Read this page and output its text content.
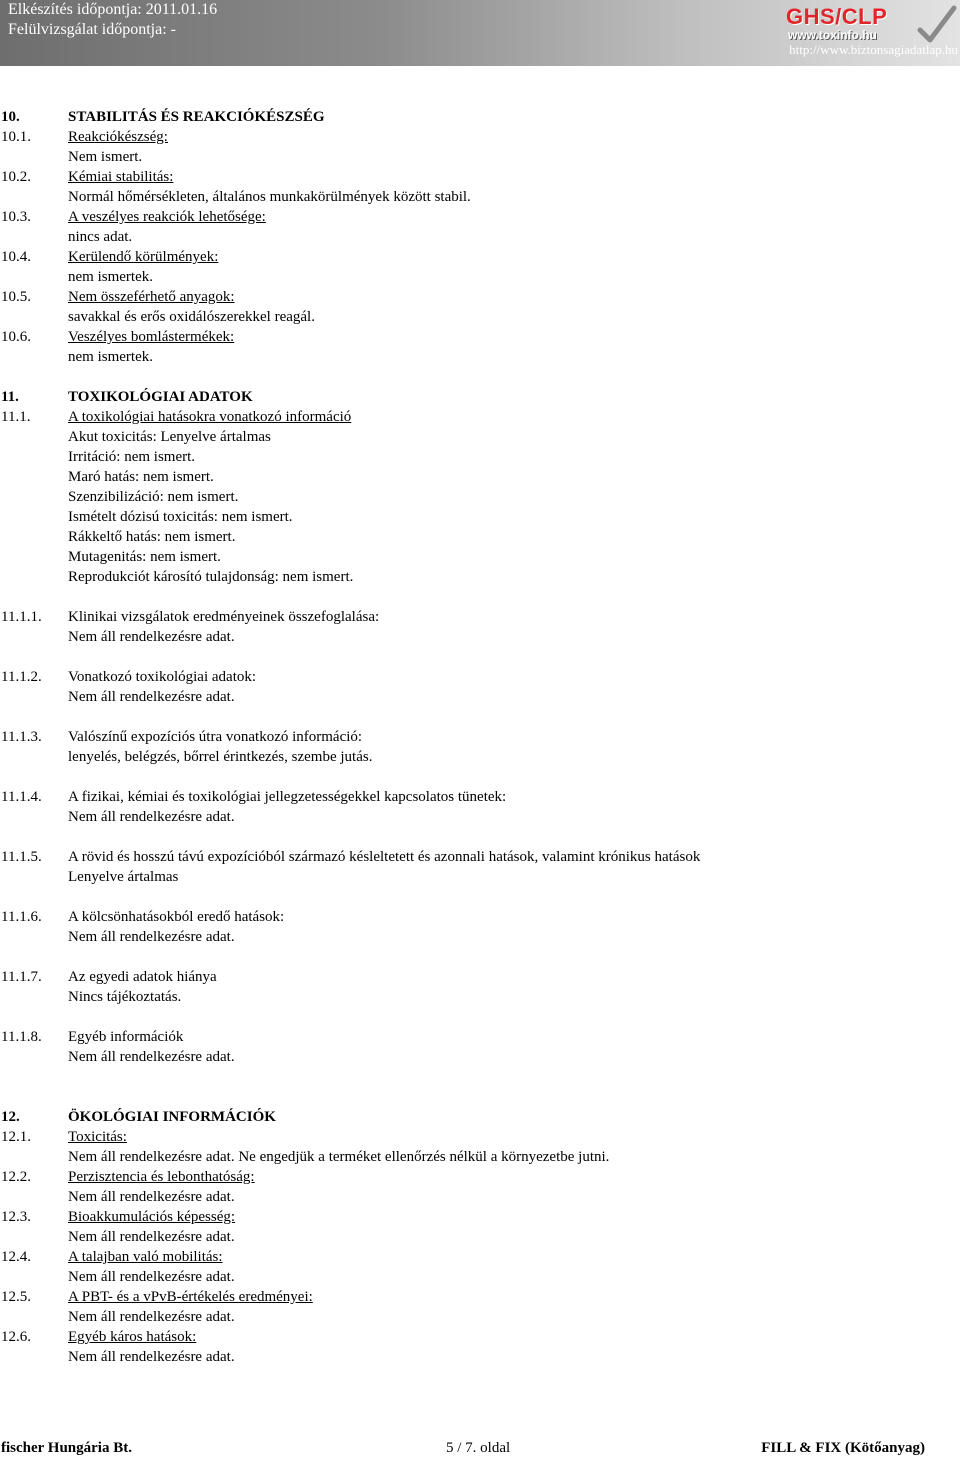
Elkészítés időpontja: 2011.01.16
Felülvizsgálat időpontja: -
GHS/CLP
www.toxinfo.hu
http://www.biztonsagiadatlap.hu
10.	STABILITÁS ÉS REAKCIÓKÉSZSÉG
10.1. Reakciókészség:
Nem ismert.
10.2. Kémiai stabilitás:
Normál hőmérsékleten, általános munkakörülmények között stabil.
10.3. A veszélyes reakciók lehetősége:
nincs adat.
10.4. Kerülendő körülmények:
nem ismertek.
10.5. Nem összeférhető anyagok:
savakkal és erős oxidálószerekkel reagál.
10.6. Veszélyes bomlástermékek:
nem ismertek.
11.	TOXIKOLÓGIAI ADATOK
11.1.	A toxikológiai hatásokra vonatkozó információ
Akut toxicitás: Lenyelve ártalmas
Irritáció: nem ismert.
Maró hatás: nem ismert.
Szenzibilizáció: nem ismert.
Ismételt dózisú toxicitás: nem ismert.
Rákkeltő hatás: nem ismert.
Mutagenitás: nem ismert.
Reprodukciót károsító tulajdonság: nem ismert.
11.1.1. Klinikai vizsgálatok eredményeinek összefoglalása:
Nem áll rendelkezésre adat.
11.1.2. Vonatkozó toxikológiai adatok:
Nem áll rendelkezésre adat.
11.1.3. Valószínű expozíciós útra vonatkozó információ:
lenyelés, belégzés, bőrrel érintkezés, szembe jutás.
11.1.4. A fizikai, kémiai és toxikológiai jellegzetességekkel kapcsolatos tünetek:
Nem áll rendelkezésre adat.
11.1.5. A rövid és hosszú távú expozícióból származó késleltetett és azonnali hatások, valamint krónikus hatások
Lenyelve ártalmas
11.1.6. A kölcsönhatásokból eredő hatások:
Nem áll rendelkezésre adat.
11.1.7. Az egyedi adatok hiánya
Nincs tájékoztatás.
11.1.8. Egyéb információk
Nem áll rendelkezésre adat.
12.	ÖKOLÓGIAI INFORMÁCIÓK
12.1. Toxicitás:
Nem áll rendelkezésre adat. Ne engedjük a terméket ellenőrzés nélkül a környezetbe jutni.
12.2. Perzisztencia és lebonthatóság:
Nem áll rendelkezésre adat.
12.3. Bioakkumulációs képesség:
Nem áll rendelkezésre adat.
12.4. A talajban való mobilitás:
Nem áll rendelkezésre adat.
12.5. A PBT- és a vPvB-értékelés eredményei:
Nem áll rendelkezésre adat.
12.6. Egyéb káros hatások:
Nem áll rendelkezésre adat.
fischer Hungária Bt.	5 / 7. oldal	FILL & FIX (Kötőanyag)
